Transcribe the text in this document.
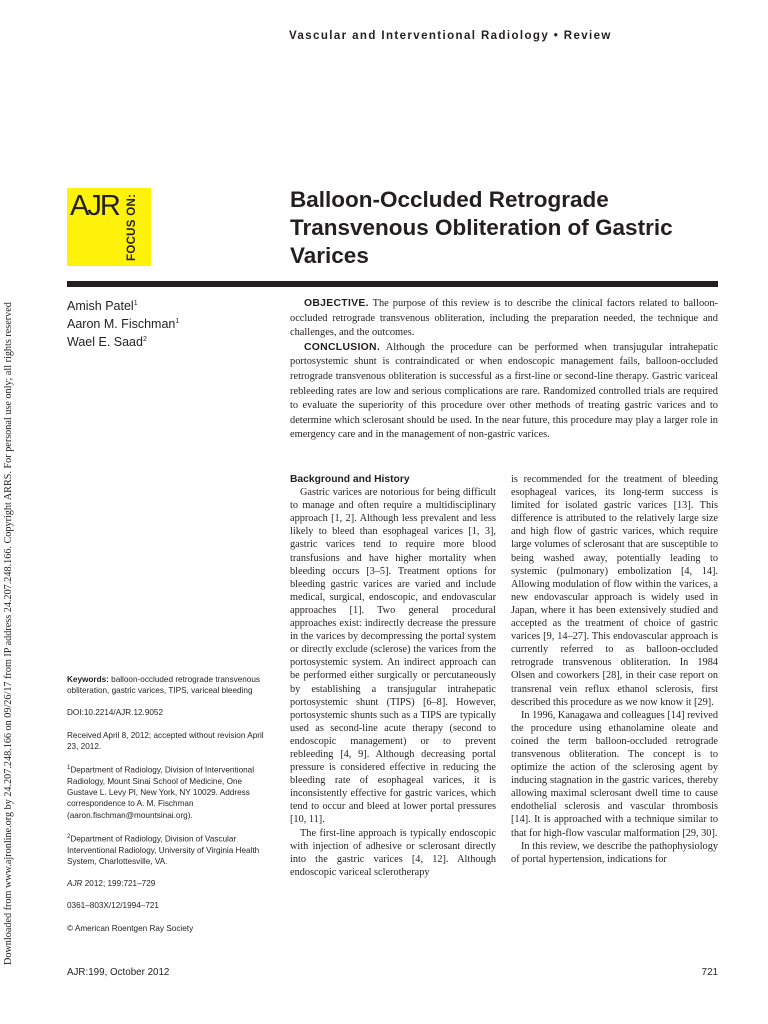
Vascular and Interventional Radiology • Review
Downloaded from www.ajronline.org by 24.207.248.166 on 09/26/17 from IP address 24.207.248.166. Copyright ARRS. For personal use only; all rights reserved
AJR FOCUS ON:	Balloon-Occluded Retrograde Transvenous Obliteration of Gastric Varices
Amish Patel$^1$
Aaron M. Fischman$^1$
Wael E. Saad$^2$

OBJECTIVE. The purpose of this review is to describe the clinical factors related to balloon-occluded retrograde transvenous obliteration, including the preparation needed, the technique and challenges, and the outcomes.

CONCLUSION. Although the procedure can be performed when transjugular intrahepatic portosystemic shunt is contraindicated or when endoscopic management fails, balloon-occluded retrograde transvenous obliteration is successful as a first-line or second-line therapy. Gastric variceal rebleeding rates are low and serious complications are rare. Randomized controlled trials are required to evaluate the superiority of this procedure over other methods of treating gastric varices and to determine which sclerosant should be used. In the near future, this procedure may play a larger role in emergency care and in the management of non-gastric varices.

Keywords: balloon-occluded retrograde transvenous obliteration, gastric varices, TIPS, variceal bleeding

DOI:10.2214/AJR.12.9052

Received April 8, 2012; accepted without revision April 23, 2012.

$^1$Department of Radiology, Division of Interventional Radiology, Mount Sinai School of Medicine, One Gustave L. Levy Pl, New York, NY 10029. Address correspondence to A. M. Fischman (aaron.fischman@mountsinai.org).

$^2$Department of Radiology, Division of Vascular Interventional Radiology, University of Virginia Health System, Charlottesville, VA.

AJR 2012; 199:721–729

0361–803X/12/1994–721

© American Roentgen Ray Society

Background and History

Gastric varices are notorious for being difficult to manage and often require a multidisciplinary approach [1, 2]. Although less prevalent and less likely to bleed than esophageal varices [1, 3], gastric varices tend to require more blood transfusions and have higher mortality when bleeding occurs [3–5]. Treatment options for bleeding gastric varices are varied and include medical, surgical, endoscopic, and endovascular approaches [1]. Two general procedural approaches exist: indirectly decrease the pressure in the varices by decompressing the portal system or directly exclude (sclerose) the varices from the portosystemic system. An indirect approach can be performed either surgically or percutaneously by establishing a transjugular intrahepatic portosystemic shunt (TIPS) [6–8]. However, portosystemic shunts such as a TIPS are typically used as second-line acute therapy (second to endoscopic management) or to prevent rebleeding [4, 9]. Although decreasing portal pressure is considered effective in reducing the bleeding rate of esophageal varices, it is inconsistently effective for gastric varices, which tend to occur and bleed at lower portal pressures [10, 11].

The first-line approach is typically endoscopic with injection of adhesive or sclerosant directly into the gastric varices [4, 12]. Although endoscopic variceal sclerotherapy

is recommended for the treatment of bleeding esophageal varices, its long-term success is limited for isolated gastric varices [13]. This difference is attributed to the relatively large size and high flow of gastric varices, which require large volumes of sclerosant that are susceptible to being washed away, potentially leading to systemic (pulmonary) embolization [4, 14]. Allowing modulation of flow within the varices, a new endovascular approach is widely used in Japan, where it has been extensively studied and accepted as the treatment of choice of gastric varices [9, 14–27]. This endovascular approach is currently referred to as balloon-occluded retrograde transvenous obliteration. In 1984 Olsen and coworkers [28], in their case report on transrenal vein reflux ethanol sclerosis, first described this procedure as we now know it [29].

In 1996, Kanagawa and colleagues [14] revived the procedure using ethanolamine oleate and coined the term balloon-occluded retrograde transvenous obliteration. The concept is to optimize the action of the sclerosing agent by inducing stagnation in the gastric varices, thereby allowing maximal sclerosant dwell time to cause endothelial sclerosis and vascular thrombosis [14]. It is approached with a technique similar to that for high-flow vascular malformation [29, 30].

In this review, we describe the pathophysiology of portal hypertension, indications for

AJR:199, October 2012	721
